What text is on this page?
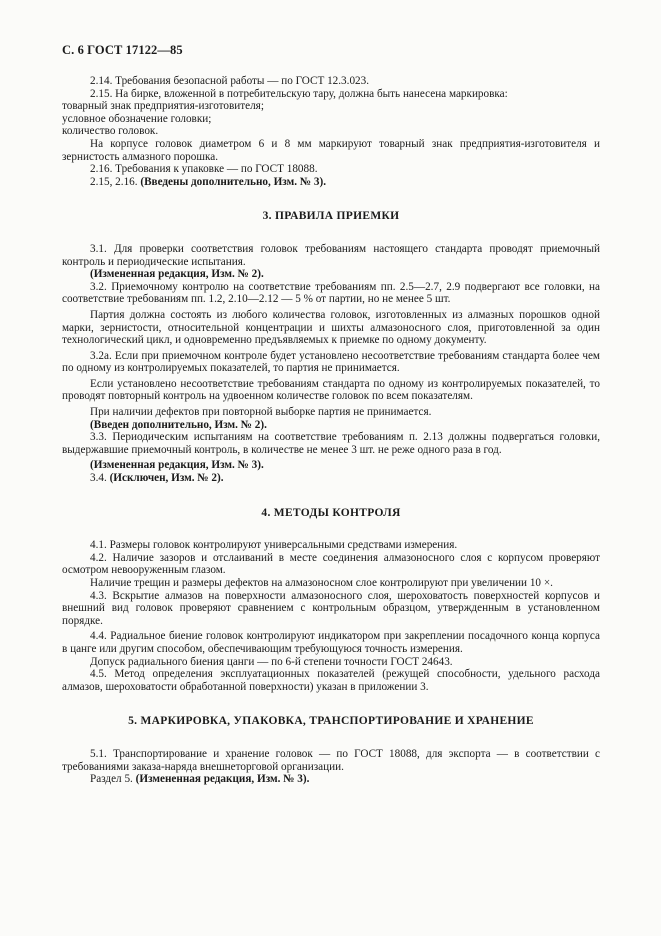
С. 6 ГОСТ 17122—85

2.14. Требования безопасной работы — по ГОСТ 12.3.023.

2.15. На бирке, вложенной в потребительскую тару, должна быть нанесена маркировка:

товарный знак предприятия-изготовителя;

условное обозначение головки;

количество головок.

На корпусе головок диаметром 6 и 8 мм маркируют товарный знак предприятия-изготовителя и зернистость алмазного порошка.

2.16. Требования к упаковке — по ГОСТ 18088.

2.15, 2.16. (Введены дополнительно, Изм. № 3).

3. ПРАВИЛА ПРИЕМКИ

3.1. Для проверки соответствия головок требованиям настоящего стандарта проводят приемочный контроль и периодические испытания.

(Измененная редакция, Изм. № 2).

3.2. Приемочному контролю на соответствие требованиям пп. 2.5—2.7, 2.9 подвергают все головки, на соответствие требованиям пп. 1.2, 2.10—2.12 — 5 % от партии, но не менее 5 шт.

Партия должна состоять из любого количества головок, изготовленных из алмазных порошков одной марки, зернистости, относительной концентрации и шихты алмазоносного слоя, приготовленной за один технологический цикл, и одновременно предъявляемых к приемке по одному документу.

3.2а. Если при приемочном контроле будет установлено несоответствие требованиям стандарта более чем по одному из контролируемых показателей, то партия не принимается.

Если установлено несоответствие требованиям стандарта по одному из контролируемых показателей, то проводят повторный контроль на удвоенном количестве головок по всем показателям.

При наличии дефектов при повторной выборке партия не принимается.

(Введен дополнительно, Изм. № 2).

3.3. Периодическим испытаниям на соответствие требованиям п. 2.13 должны подвергаться головки, выдержавшие приемочный контроль, в количестве не менее 3 шт. не реже одного раза в год.

(Измененная редакция, Изм. № 3).

3.4. (Исключен, Изм. № 2).

4. МЕТОДЫ КОНТРОЛЯ

4.1. Размеры головок контролируют универсальными средствами измерения.

4.2. Наличие зазоров и отслаиваний в месте соединения алмазоносного слоя с корпусом проверяют осмотром невооруженным глазом.

Наличие трещин и размеры дефектов на алмазоносном слое контролируют при увеличении 10 ×.

4.3. Вскрытие алмазов на поверхности алмазоносного слоя, шероховатость поверхностей корпусов и внешний вид головок проверяют сравнением с контрольным образцом, утвержденным в установленном порядке.

4.4. Радиальное биение головок контролируют индикатором при закреплении посадочного конца корпуса в цанге или другим способом, обеспечивающим требующуюся точность измерения.

Допуск радиального биения цанги — по 6-й степени точности ГОСТ 24643.

4.5. Метод определения эксплуатационных показателей (режущей способности, удельного расхода алмазов, шероховатости обработанной поверхности) указан в приложении 3.

5. МАРКИРОВКА, УПАКОВКА, ТРАНСПОРТИРОВАНИЕ И ХРАНЕНИЕ

5.1. Транспортирование и хранение головок — по ГОСТ 18088, для экспорта — в соответствии с требованиями заказа-наряда внешнеторговой организации.

Раздел 5. (Измененная редакция, Изм. № 3).
